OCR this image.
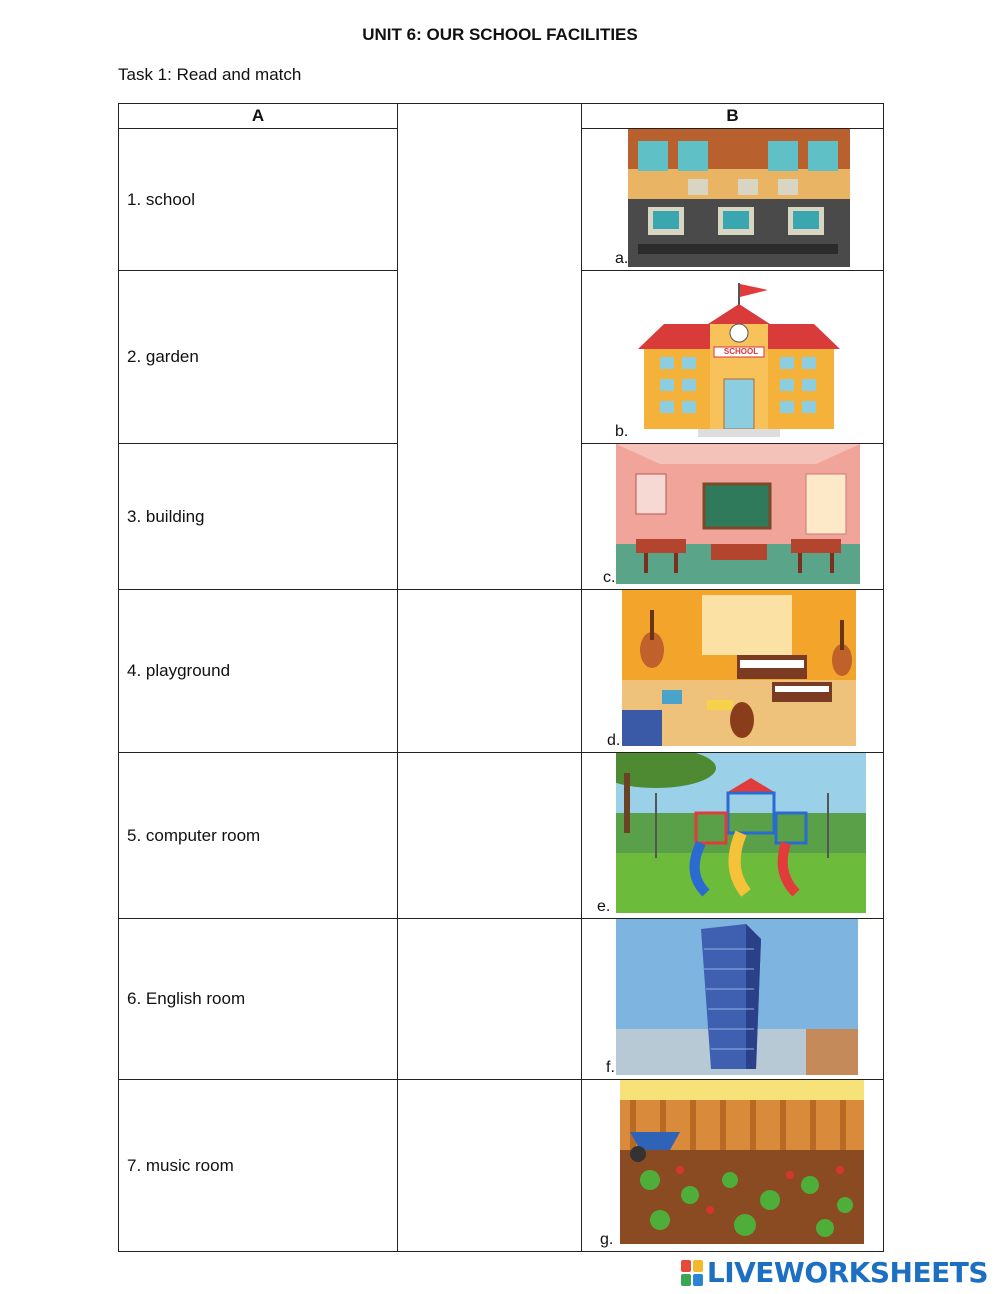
UNIT 6: OUR SCHOOL FACILITIES
Task 1: Read and match
A		B
1. school		a.

2. garden		b.
SCHOOL

3. building		c.

4. playground		d.

5. computer room		e.

6. English room		f.

7. music room		g.
LIVEWORKSHEETS
